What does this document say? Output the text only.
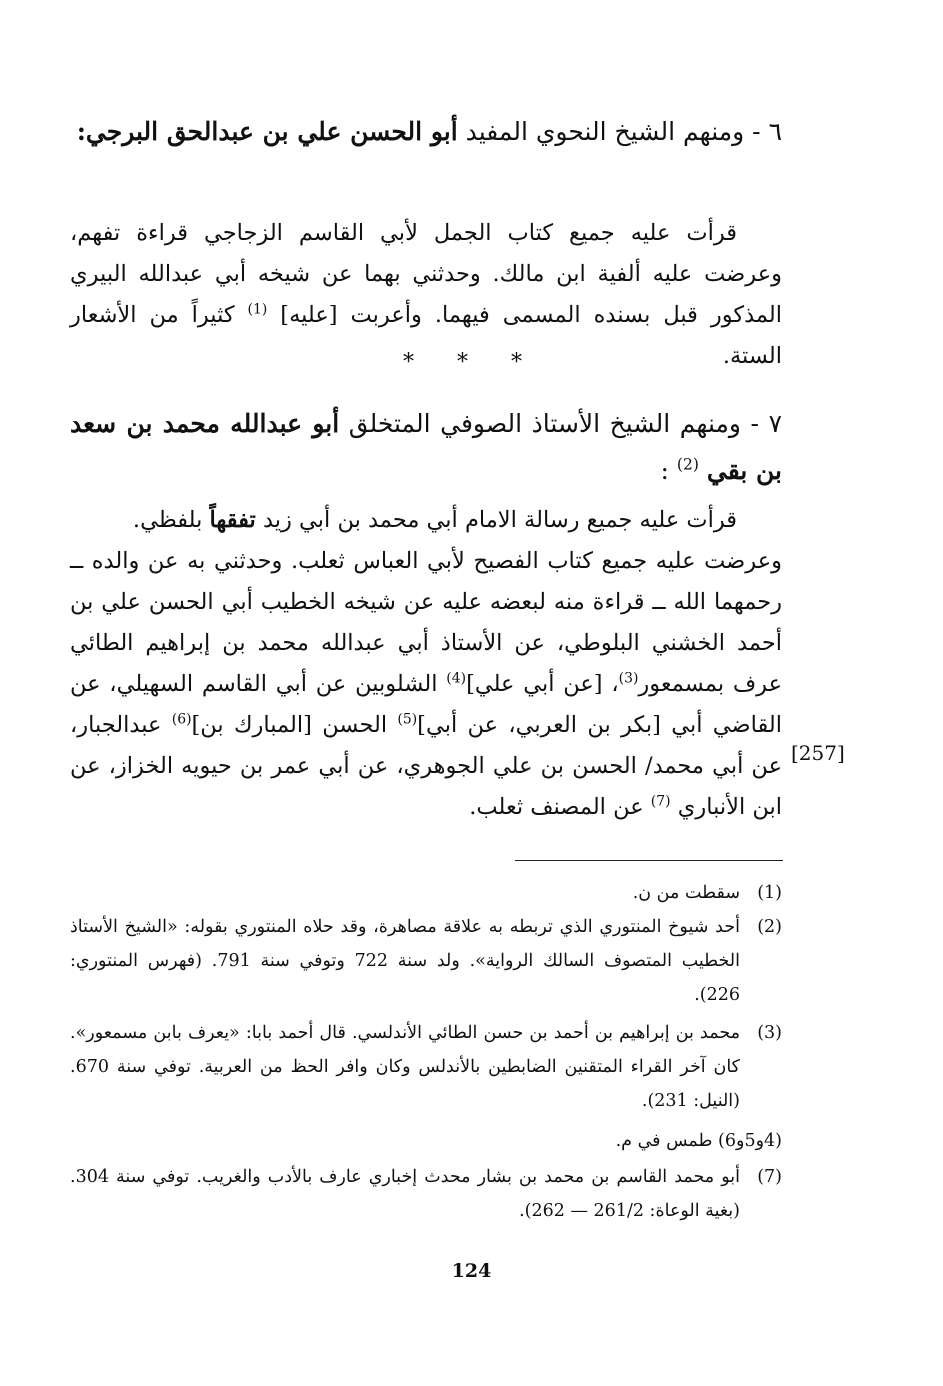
٦ - ومنهم الشيخ النحوي المفيد أبو الحسن علي بن عبدالحق البرجي:

قرأت عليه جميع كتاب الجمل لأبي القاسم الزجاجي قراءة تفهم، وعرضت عليه ألفية ابن مالك. وحدثني بهما عن شيخه أبي عبدالله البيري المذكور قبل بسنده المسمى فيهما. وأعربت [عليه] $^{(1)}$ كثيراً من الأشعار الستة.

* * *
٧ - ومنهم الشيخ الأستاذ الصوفي المتخلق أبو عبدالله محمد بن سعد بن بقي $^{(2)}$ :

قرأت عليه جميع رسالة الامام أبي محمد بن أبي زيد تفقهاً بلفظي.

وعرضت عليه جميع كتاب الفصيح لأبي العباس ثعلب. وحدثني به عن والده ــ رحمهما الله ــ قراءة منه لبعضه عليه عن شيخه الخطيب أبي الحسن علي بن أحمد الخشني البلوطي، عن الأستاذ أبي عبدالله محمد بن إبراهيم الطائي عرف بمسمعور$^{(3)}$، [عن أبي علي]$^{(4)}$ الشلوبين عن أبي القاسم السهيلي، عن القاضي أبي [بكر بن العربي، عن أبي]$^{(5)}$ الحسن [المبارك بن]$^{(6)}$ عبدالجبار، عن أبي محمد/ الحسن بن علي الجوهري، عن أبي عمر بن حيويه الخزاز، عن ابن الأنباري $^{(7)}$ عن المصنف ثعلب.

[257]
(1)
سقطت من ن.
(2)
أحد شيوخ المنتوري الذي تربطه به علاقة مصاهرة، وقد حلاه المنتوري بقوله: «الشيخ الأستاذ الخطيب المتصوف السالك الرواية». ولد سنة 722 وتوفي سنة 791. (فهرس المنتوري: 226).
(3)
محمد بن إبراهيم بن أحمد بن حسن الطائي الأندلسي. قال أحمد بابا: «يعرف بابن مسمعور». كان آخر القراء المتقنين الضابطين بالأندلس وكان وافر الحظ من العربية. توفي سنة 670. (النيل: 231).
(4و5و6) طمس في م.
(7)
أبو محمد القاسم بن محمد بن بشار محدث إخباري عارف بالأدب والغريب. توفي سنة 304. (بغية الوعاة: 261/2 — 262).
124
